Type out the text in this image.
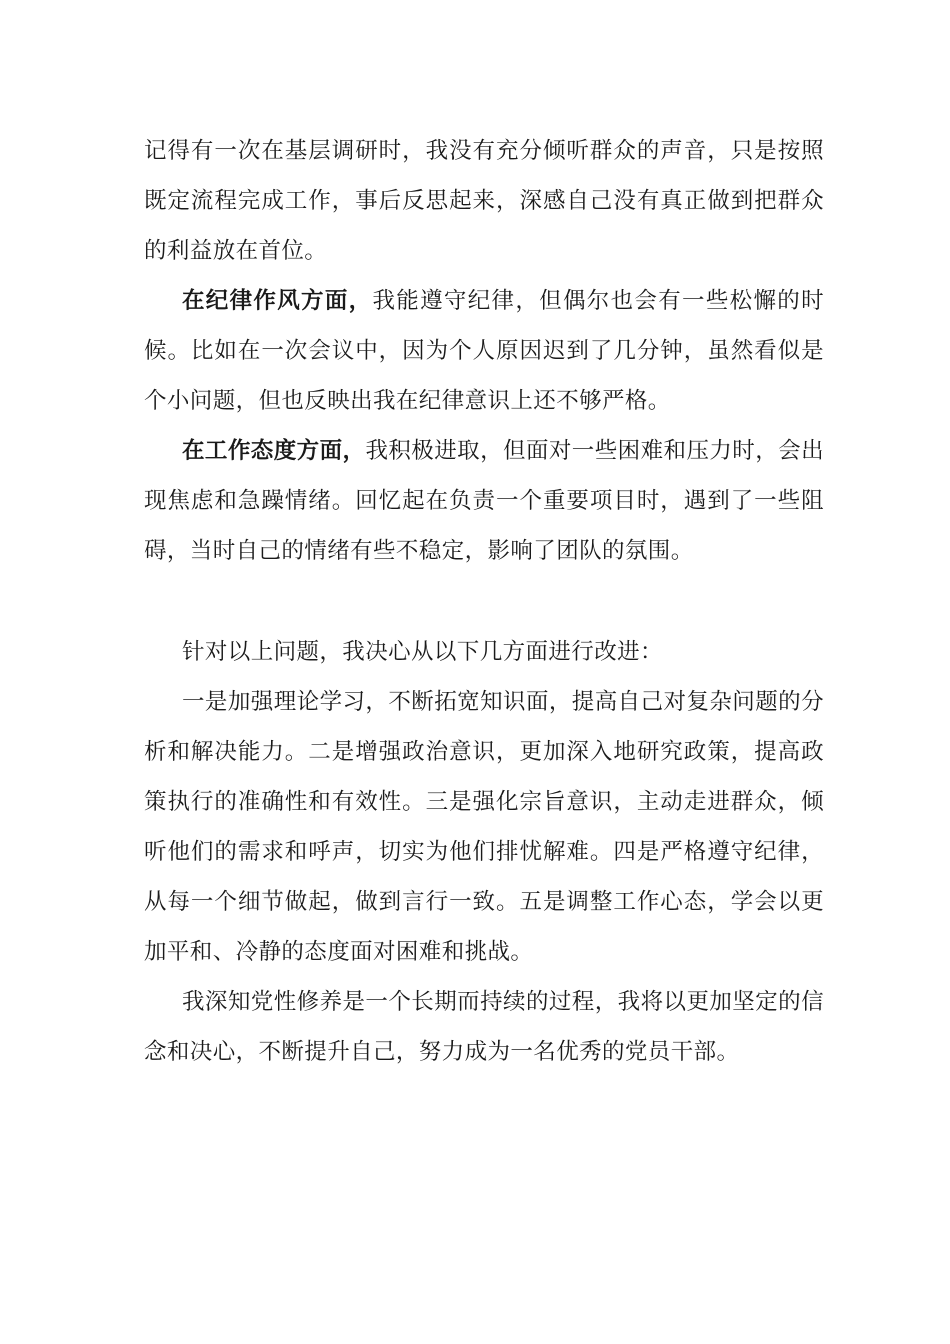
记得有一次在基层调研时，我没有充分倾听群众的声音，只是按照既定流程完成工作，事后反思起来，深感自己没有真正做到把群众的利益放在首位。

在纪律作风方面，我能遵守纪律，但偶尔也会有一些松懈的时候。比如在一次会议中，因为个人原因迟到了几分钟，虽然看似是个小问题，但也反映出我在纪律意识上还不够严格。

在工作态度方面，我积极进取，但面对一些困难和压力时，会出现焦虑和急躁情绪。回忆起在负责一个重要项目时，遇到了一些阻碍，当时自己的情绪有些不稳定，影响了团队的氛围。

针对以上问题，我决心从以下几方面进行改进：

一是加强理论学习，不断拓宽知识面，提高自己对复杂问题的分析和解决能力。二是增强政治意识，更加深入地研究政策，提高政策执行的准确性和有效性。三是强化宗旨意识，主动走进群众，倾听他们的需求和呼声，切实为他们排忧解难。四是严格遵守纪律，从每一个细节做起，做到言行一致。五是调整工作心态，学会以更加平和、冷静的态度面对困难和挑战。

我深知党性修养是一个长期而持续的过程，我将以更加坚定的信念和决心，不断提升自己，努力成为一名优秀的党员干部。
